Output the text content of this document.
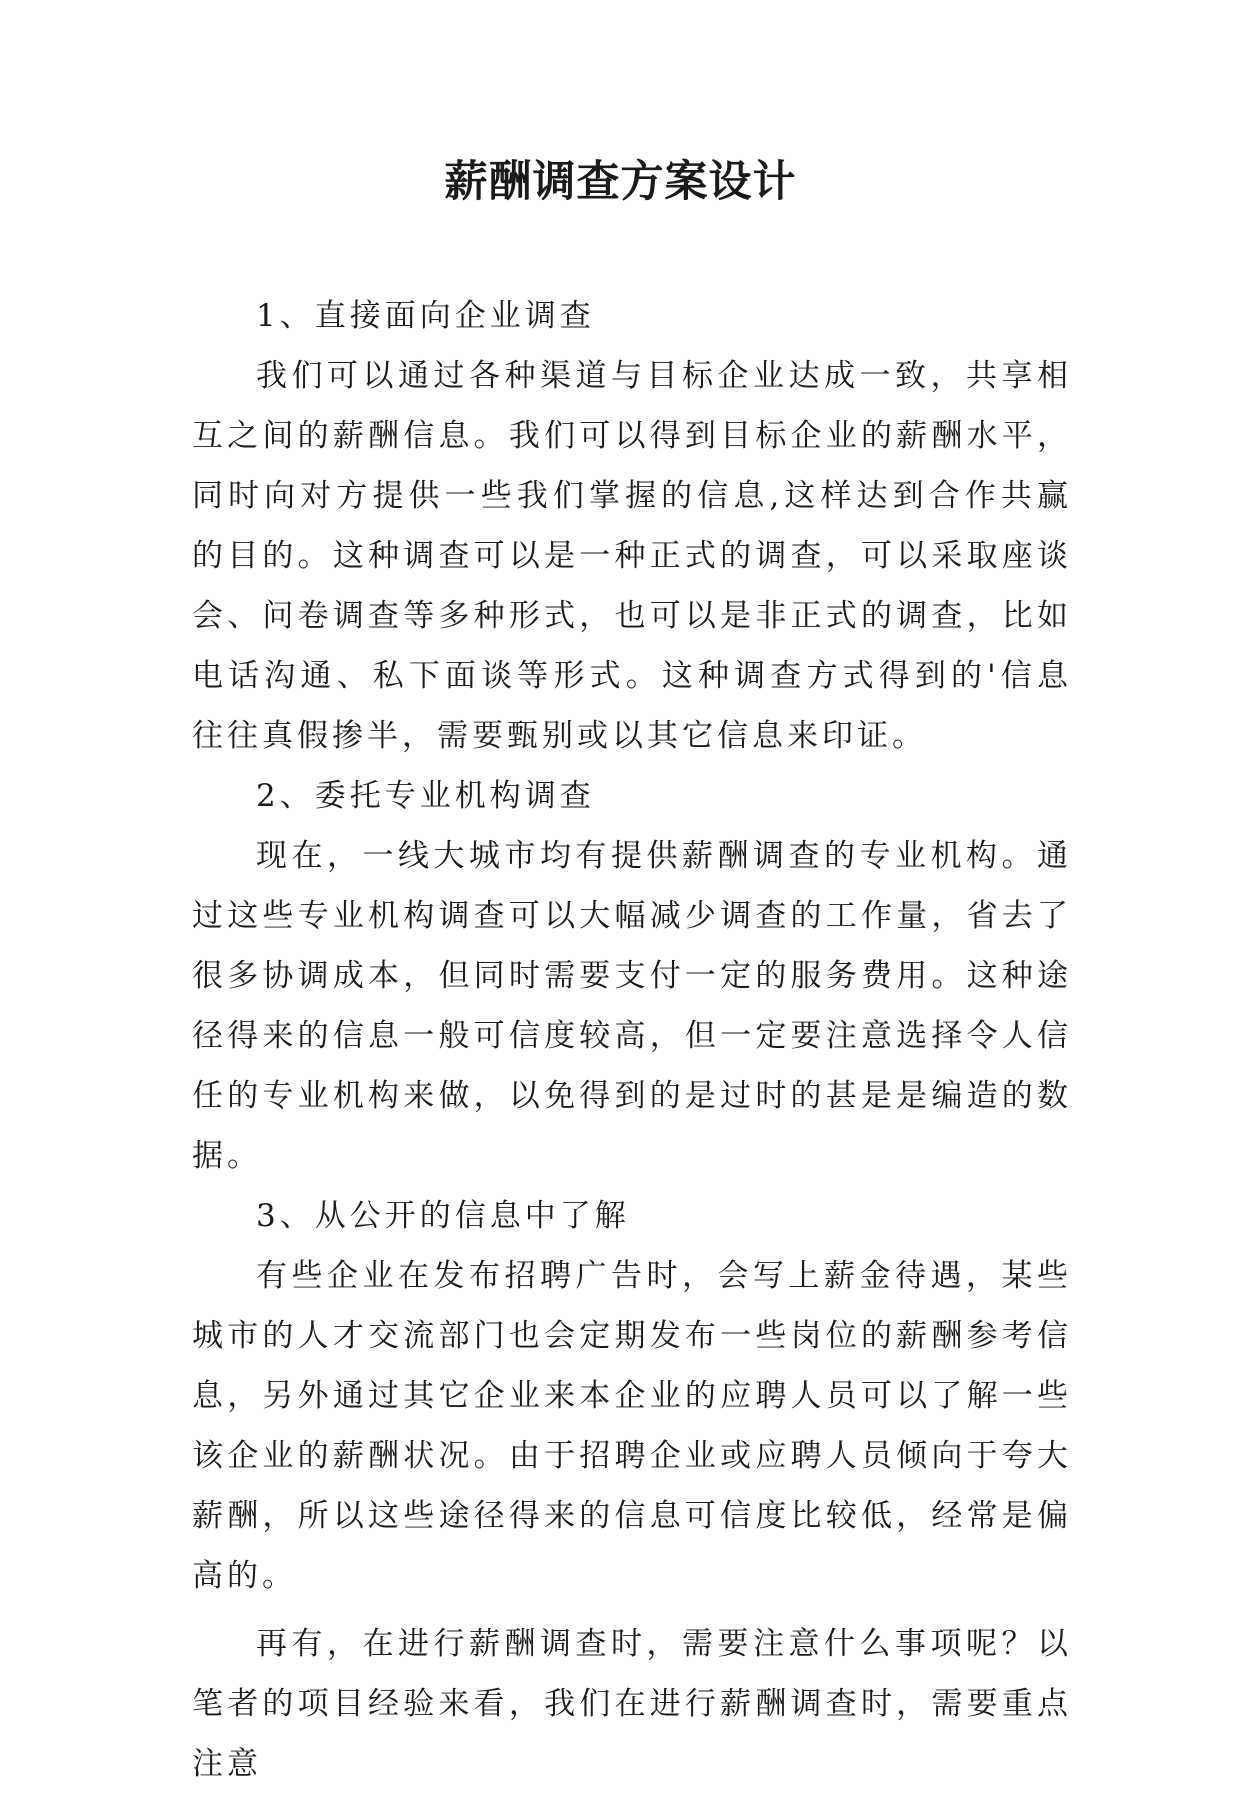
薪酬调查方案设计

1、直接面向企业调查

我们可以通过各种渠道与目标企业达成一致，共享相互之间的薪酬信息。我们可以得到目标企业的薪酬水平，同时向对方提供一些我们掌握的信息,这样达到合作共赢的目的。这种调查可以是一种正式的调查，可以采取座谈会、问卷调查等多种形式，也可以是非正式的调查，比如电话沟通、私下面谈等形式。这种调查方式得到的'信息往往真假掺半，需要甄别或以其它信息来印证。

2、委托专业机构调查

现在，一线大城市均有提供薪酬调查的专业机构。通过这些专业机构调查可以大幅减少调查的工作量，省去了很多协调成本，但同时需要支付一定的服务费用。这种途径得来的信息一般可信度较高，但一定要注意选择令人信任的专业机构来做，以免得到的是过时的甚是是编造的数据。

3、从公开的信息中了解

有些企业在发布招聘广告时，会写上薪金待遇，某些城市的人才交流部门也会定期发布一些岗位的薪酬参考信息，另外通过其它企业来本企业的应聘人员可以了解一些该企业的薪酬状况。由于招聘企业或应聘人员倾向于夸大薪酬，所以这些途径得来的信息可信度比较低，经常是偏高的。

再有，在进行薪酬调查时，需要注意什么事项呢？以笔者的项目经验来看，我们在进行薪酬调查时，需要重点注意
